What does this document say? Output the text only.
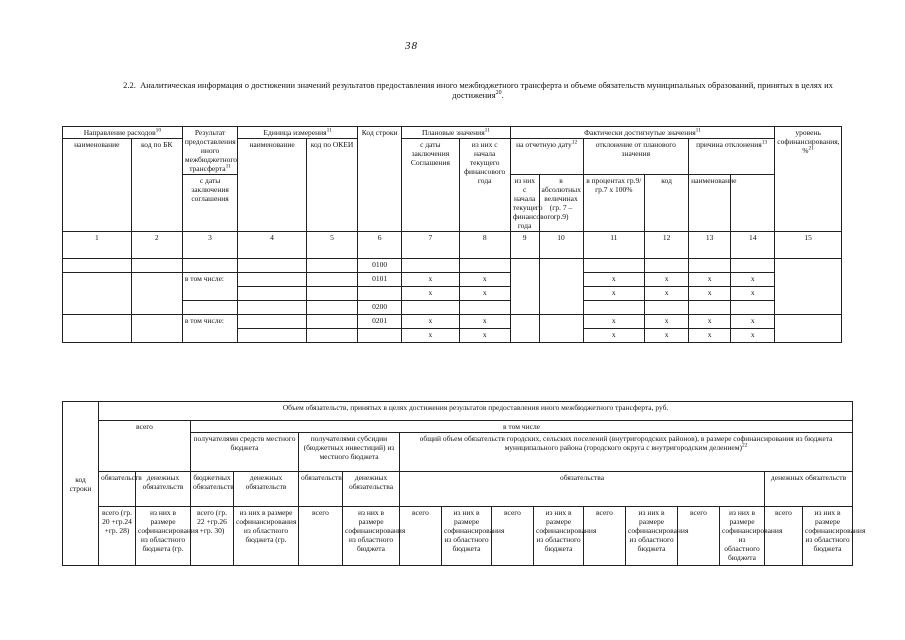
38
2.2. Аналитическая информация о достижении значений результатов предоставления иного межбюджетного трансферта и объеме обязательств муниципальных образований, принятых в целях их достижения$^{20}$.
Направление расходов$^{10}$		Результат предоставления иного межбюджетного трансферта$^{11}$	Единица измерения$^{11}$		Код строки	Плановые значения$^{11}$		Фактически достигнутые значения$^{11}$						уровень софинансирования, %$^{21}$
наименование	код по БК		наименование	код по ОКЕИ		с даты заключения Соглашения	из них с начала текущего финансового года	на отчетную дату$^{12}$		отклонение от планового значения		причина отклонения$^{13}$
		с даты заключения соглашения						из них с начала текущего финансового года	в абсолютных величинах (гр. 7 – гр.9)	в процентах гр.9/гр.7 x 100%	код	наименование		
1	2	3	4	5	6	7	8	9	10	11	12	13	14	15
					0100									
		в том числе:			0101	x	x			x	x	x	x	
						x	x			x	x	x	x	
					0200									
		в том числе:			0201	x	x			x	x	x	x	
						x	x			x	x	x	x	
код строки	Объем обязательств, принятых в целях достижения результатов предоставления иного межбюджетного трансферта, руб.															
	всего		в том числе													
			получателями средств местного бюджета		получателями субсидии (бюджетных инвестиций) из местного бюджета		общий объем обязательств городских, сельских поселений (внутригородских районов), в размере софинансирования из бюджета муниципального района (городского округа с внутригородским делением)$^{22}$
	обязательств	денежных обязательств	бюджетных обязательств	денежных обязательств	обязательств	денежных обязательства	обязательства								денежных обязательств	
	всего (гр. 20 +гр.24 +гр. 28)	из них в размере софинансирования из областного бюджета (гр.	всего (гр. 22 +гр.26 +гр. 30)	из них в размере софинансирования из областного бюджета (гр.	всего	из них в размере софинансирования из областного бюджета	всего	из них в размере софинансирования из областного бюджета	всего	из них в размере софинансирования из областного бюджета	всего	из них в размере софинансирования из областного бюджета	всего	из них в размере софинансирования из областного бюджета	всего	из них в размере софинансирования из областного бюджета
